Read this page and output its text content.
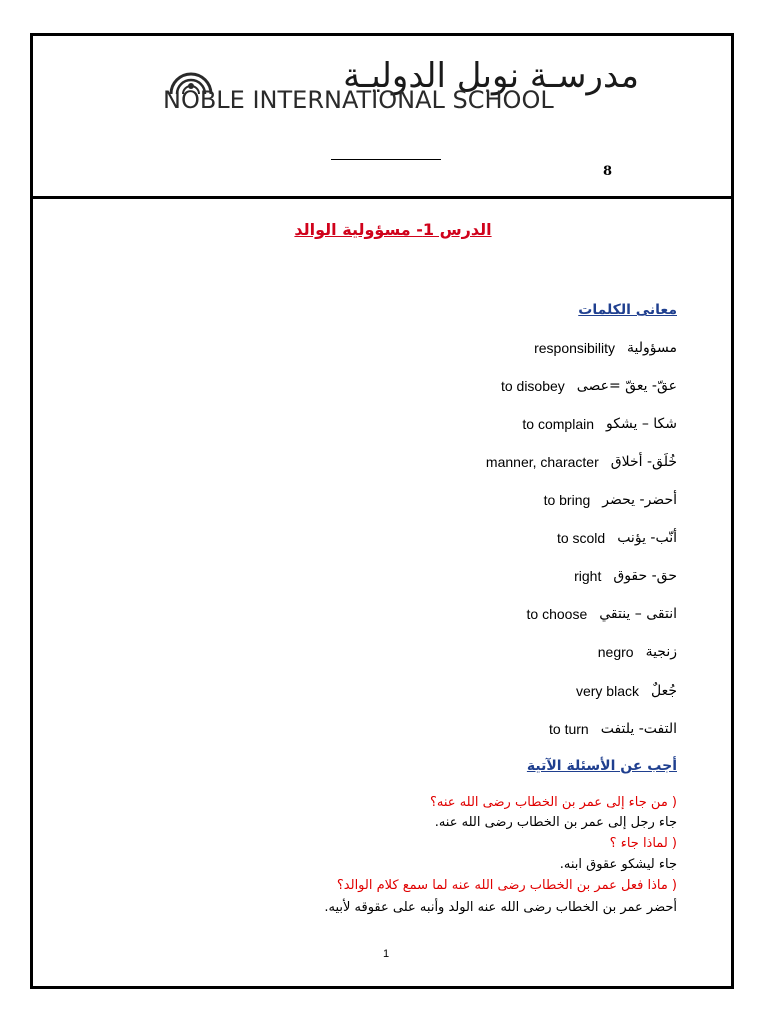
مدرسـة نوبل الدوليـة
NOBLE INTERNATIONAL SCHOOL
8
الدرس 1- مسؤولية الوالد
معانى الكلمات
مسؤولية
responsibility
عقّ- يعقّ =عصى
to disobey
شكا – يشكو
to complain
خُلَق- أخلاق
manner, character
أحضر- يحضر
to bring
أنّب- يؤنب
to scold
حق- حقوق
right
انتقى – ينتقي
to choose
زنجية
negro
جُعلٌ
very black
التفت- يلتفت
to turn
أجب عن الأسئلة الآتية
( من جاء إلى عمر بن الخطاب رضى الله عنه؟
جاء رجل إلى عمر بن الخطاب رضى الله عنه.
( لماذا جاء ؟
جاء ليشكو عقوق ابنه.
( ماذا فعل عمر بن الخطاب رضى الله عنه لما سمع كلام الوالد؟
أحضر عمر بن الخطاب رضى الله عنه الولد وأنبه على عقوقه لأبيه.
1
